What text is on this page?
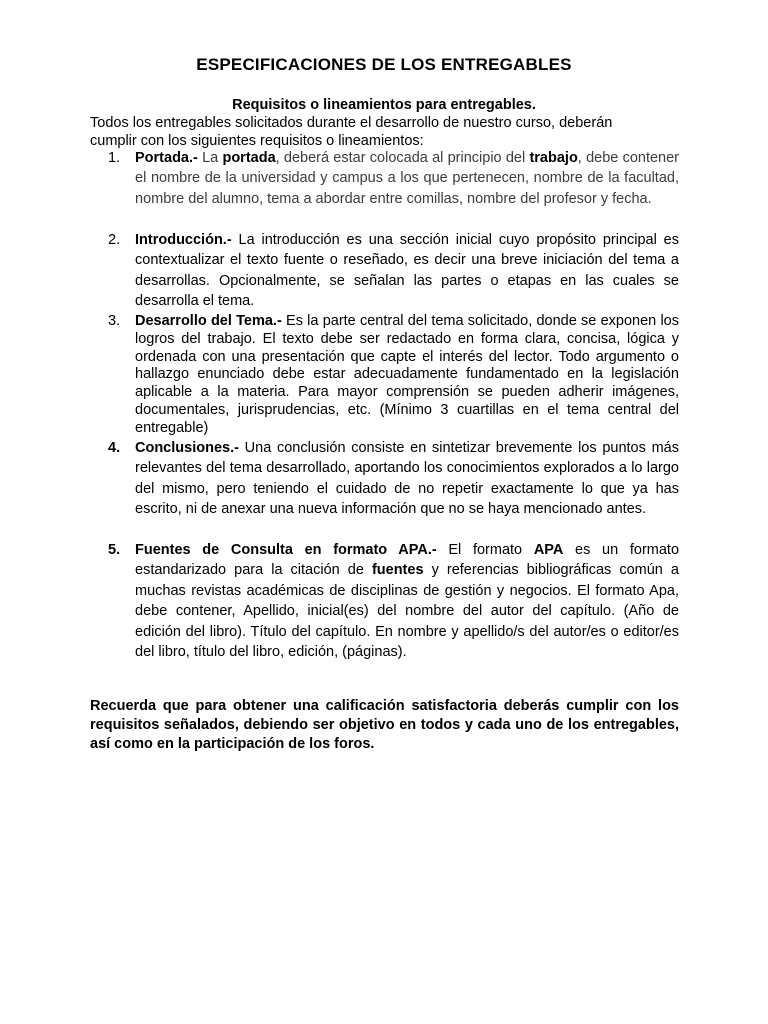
ESPECIFICACIONES DE LOS ENTREGABLES
Requisitos o lineamientos para entregables.
Todos los entregables solicitados durante el desarrollo de nuestro curso, deberán cumplir con los siguientes requisitos o lineamientos:
1.	Portada.- La portada, deberá estar colocada al principio del trabajo, debe contener el nombre de la universidad y campus a los que pertenecen, nombre de la facultad, nombre del alumno, tema a abordar entre comillas, nombre del profesor y fecha.
2.	Introducción.- La introducción es una sección inicial cuyo propósito principal es contextualizar el texto fuente o reseñado, es decir una breve iniciación del tema a desarrollas. Opcionalmente, se señalan las partes o etapas en las cuales se desarrolla el tema.
3.	Desarrollo del Tema.- Es la parte central del tema solicitado, donde se exponen los logros del trabajo. El texto debe ser redactado en forma clara, concisa, lógica y ordenada con una presentación que capte el interés del lector. Todo argumento o hallazgo enunciado debe estar adecuadamente fundamentado en la legislación aplicable a la materia. Para mayor comprensión se pueden adherir imágenes, documentales, jurisprudencias, etc. (Mínimo 3 cuartillas en el tema central del entregable)
4.	Conclusiones.- Una conclusión consiste en sintetizar brevemente los puntos más relevantes del tema desarrollado, aportando los conocimientos explorados a lo largo del mismo, pero teniendo el cuidado de no repetir exactamente lo que ya has escrito, ni de anexar una nueva información que no se haya mencionado antes.
5.	Fuentes de Consulta en formato APA.- El formato APA es un formato estandarizado para la citación de fuentes y referencias bibliográficas común a muchas revistas académicas de disciplinas de gestión y negocios. El formato Apa, debe contener, Apellido, inicial(es) del nombre del autor del capítulo. (Año de edición del libro). Título del capítulo. En nombre y apellido/s del autor/es o editor/es del libro, título del libro, edición, (páginas).
Recuerda que para obtener una calificación satisfactoria deberás cumplir con los requisitos señalados, debiendo ser objetivo en todos y cada uno de los entregables, así como en la participación de los foros.
